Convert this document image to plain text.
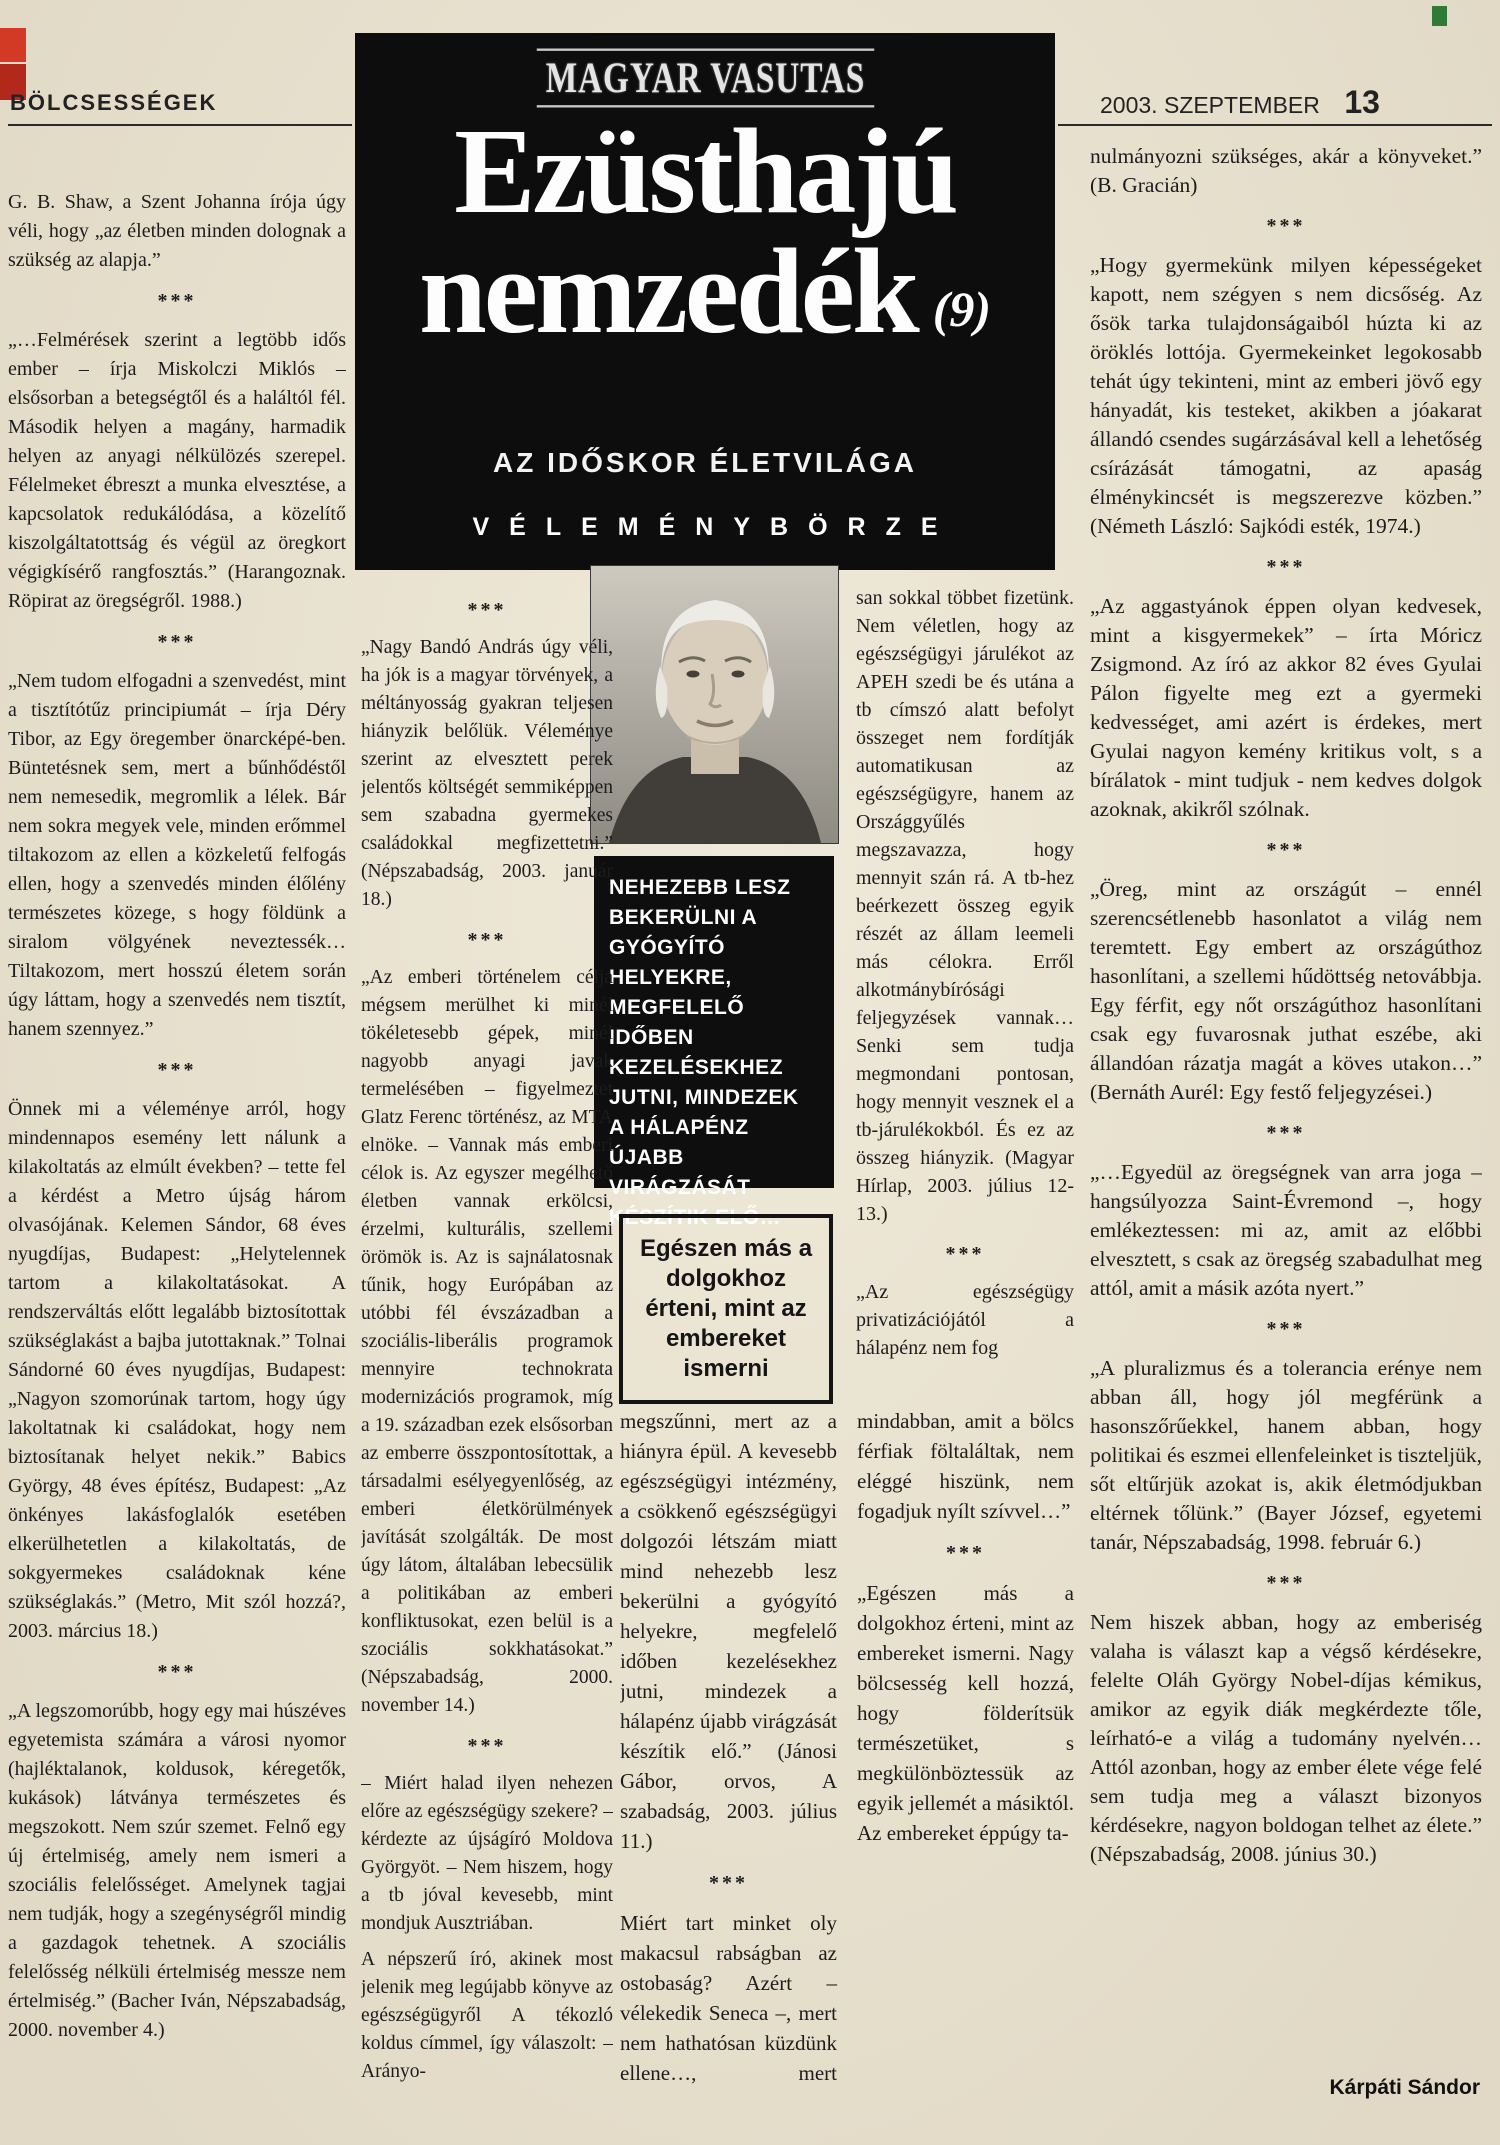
BÖLCSESSÉGEK	2003. SZEPTEMBER 13
MAGYAR VASUTAS
Ezüsthajú
nemzedék (9)
AZ IDŐSKOR ÉLETVILÁGA
VÉLEMÉNYBÖRZE
NEHEZEBB LESZ BEKERÜLNI A GYÓGYÍTÓ HELYEKRE, MEGFELELŐ IDŐBEN KEZELÉSEKHEZ JUTNI, MINDEZEK A HÁLAPÉNZ ÚJABB VIRÁGZÁSÁT KÉSZÍTIK ELŐ…
Egészen más a dolgokhoz érteni, mint az embereket ismerni

G. B. Shaw, a Szent Johanna írója úgy véli, hogy „az életben minden dolognak a szükség az alapja.”

***

„…Felmérések szerint a legtöbb idős ember – írja Miskolczi Miklós – elsősorban a betegségtől és a haláltól fél. Második helyen a magány, harmadik helyen az anyagi nélkülözés szerepel. Félelmeket ébreszt a munka elvesztése, a kapcsolatok redukálódása, a közelítő kiszolgáltatottság és végül az öregkort végigkísérő rangfosztás.” (Harangoznak. Röpirat az öregségről. 1988.)

***

„Nem tudom elfogadni a szenvedést, mint a tisztítótűz principiumát – írja Déry Tibor, az Egy öregember önarcképé-ben. Büntetésnek sem, mert a bűnhődéstől nem nemesedik, megromlik a lélek. Bár nem sokra megyek vele, minden erőmmel tiltakozom az ellen a közkeletű felfogás ellen, hogy a szenvedés minden élőlény természetes közege, s hogy földünk a siralom völgyének neveztessék… Tiltakozom, mert hosszú életem során úgy láttam, hogy a szenvedés nem tisztít, hanem szennyez.”

***

Önnek mi a véleménye arról, hogy mindennapos esemény lett nálunk a kilakoltatás az elmúlt években? – tette fel a kérdést a Metro újság három olvasójának. Kelemen Sándor, 68 éves nyugdíjas, Budapest: „Helytelennek tartom a kilakoltatásokat. A rendszerváltás előtt legalább biztosítottak szükséglakást a bajba jutottaknak.” Tolnai Sándorné 60 éves nyugdíjas, Budapest: „Nagyon szomorúnak tartom, hogy úgy lakoltatnak ki családokat, hogy nem biztosítanak helyet nekik.” Babics György, 48 éves építész, Budapest: „Az önkényes lakásfoglalók esetében elkerülhetetlen a kilakoltatás, de sokgyermekes családoknak kéne szükséglakás.” (Metro, Mit szól hozzá?, 2003. március 18.)

***

„A legszomorúbb, hogy egy mai húszéves egyetemista számára a városi nyomor (hajléktalanok, koldusok, kéregetők, kukások) látványa természetes és megszokott. Nem szúr szemet. Felnő egy új értelmiség, amely nem ismeri a szociális felelősséget. Amelynek tagjai nem tudják, hogy a szegénységről mindig a gazdagok tehetnek. A szociális felelősség nélküli értelmiség messze nem értelmiség.” (Bacher Iván, Népszabadság, 2000. november 4.)

***

„Nagy Bandó András úgy véli, ha jók is a magyar törvények, a méltányosság gyakran teljesen hiányzik belőlük. Véleménye szerint az elvesztett perek jelentős költségét semmiképpen sem szabadna gyermekes családokkal megfizettetni.” (Népszabadság, 2003. január 18.)

***

„Az emberi történelem célja mégsem merülhet ki minél tökéletesebb gépek, minél nagyobb anyagi javak termelésében – figyelmeztet Glatz Ferenc történész, az MTA elnöke. – Vannak más emberi célok is. Az egyszer megélhető életben vannak erkölcsi, érzelmi, kulturális, szellemi örömök is. Az is sajnálatosnak tűnik, hogy Európában az utóbbi fél évszázadban a szociális-liberális programok mennyire technokrata modernizációs programok, míg a 19. században ezek elsősorban az emberre összpontosítottak, a társadalmi esélyegyenlőség, az emberi életkörülmények javítását szolgálták. De most úgy látom, általában lebecsülik a politikában az emberi konfliktusokat, ezen belül is a szociális sokkhatásokat.” (Népszabadság, 2000. november 14.)

***

– Miért halad ilyen nehezen előre az egészségügy szekere? – kérdezte az újságíró Moldova Györgyöt. – Nem hiszem, hogy a tb jóval kevesebb, mint mondjuk Ausztriában.

A népszerű író, akinek most jelenik meg legújabb könyve az egészségügyről A tékozló koldus címmel, így válaszolt: – Arányo-

san sokkal többet fizetünk. Nem véletlen, hogy az egészségügyi járulékot az APEH szedi be és utána a tb címszó alatt befolyt összeget nem fordítják automatikusan az egészségügyre, hanem az Országgyűlés megszavazza, hogy mennyit szán rá. A tb-hez beérkezett összeg egyik részét az állam leemeli más célokra. Erről alkotmánybírósági feljegyzések vannak… Senki sem tudja megmondani pontosan, hogy mennyit vesznek el a tb-járulékokból. És ez az összeg hiányzik. (Magyar Hírlap, 2003. július 12-13.)

***

„Az egészségügy privatizációjától a hálapénz nem fog

megszűnni, mert az a hiányra épül. A kevesebb egészségügyi intézmény, a csökkenő egészségügyi dolgozói létszám miatt mind nehezebb lesz bekerülni a gyógyító helyekre, megfelelő időben kezelésekhez jutni, mindezek a hálapénz újabb virágzását készítik elő.” (Jánosi Gábor, orvos, A szabadság, 2003. július 11.)

***

Miért tart minket oly makacsul rabságban az ostobaság? Azért – vélekedik Seneca –, mert nem hathatósan küzdünk ellene…, mert mindabban, amit a bölcs férfiak föltaláltak, nem eléggé hiszünk, nem fogadjuk nyílt szívvel…”

***

„Egészen más a dolgokhoz érteni, mint az embereket ismerni. Nagy bölcsesség kell hozzá, hogy földerítsük természetüket, s megkülönböztessük az egyik jellemét a másiktól. Az embereket éppúgy ta-

nulmányozni szükséges, akár a könyveket.” (B. Gracián)

***

„Hogy gyermekünk milyen képességeket kapott, nem szégyen s nem dicsőség. Az ősök tarka tulajdonságaiból húzta ki az öröklés lottója. Gyermekeinket legokosabb tehát úgy tekinteni, mint az emberi jövő egy hányadát, kis testeket, akikben a jóakarat állandó csendes sugárzásával kell a lehetőség csírázását támogatni, az apaság élménykincsét is megszerezve közben.” (Németh László: Sajkódi esték, 1974.)

***

„Az aggastyánok éppen olyan kedvesek, mint a kisgyermekek” – írta Móricz Zsigmond. Az író az akkor 82 éves Gyulai Pálon figyelte meg ezt a gyermeki kedvességet, ami azért is érdekes, mert Gyulai nagyon kemény kritikus volt, s a bírálatok - mint tudjuk - nem kedves dolgok azoknak, akikről szólnak.

***

„Öreg, mint az országút – ennél szerencsétlenebb hasonlatot a világ nem teremtett. Egy embert az országúthoz hasonlítani, a szellemi hűdöttség netovábbja. Egy férfit, egy nőt országúthoz hasonlítani csak egy fuvarosnak juthat eszébe, aki állandóan rázatja magát a köves utakon…” (Bernáth Aurél: Egy festő feljegyzései.)

***

„…Egyedül az öregségnek van arra joga – hangsúlyozza Saint-Évremond –, hogy emlékeztessen: mi az, amit az előbbi elvesztett, s csak az öregség szabadulhat meg attól, amit a másik azóta nyert.”

***

„A pluralizmus és a tolerancia erénye nem abban áll, hogy jól megférünk a hasonszőrűekkel, hanem abban, hogy politikai és eszmei ellenfeleinket is tiszteljük, sőt eltűrjük azokat is, akik életmódjukban eltérnek tőlünk.” (Bayer József, egyetemi tanár, Népszabadság, 1998. február 6.)

***

Nem hiszek abban, hogy az emberiség valaha is választ kap a végső kérdésekre, felelte Oláh György Nobel-díjas kémikus, amikor az egyik diák megkérdezte tőle, leírható-e a világ a tudomány nyelvén… Attól azonban, hogy az ember élete vége felé sem tudja meg a választ bizonyos kérdésekre, nagyon boldogan telhet az élete.” (Népszabadság, 2008. június 30.)

Kárpáti Sándor
